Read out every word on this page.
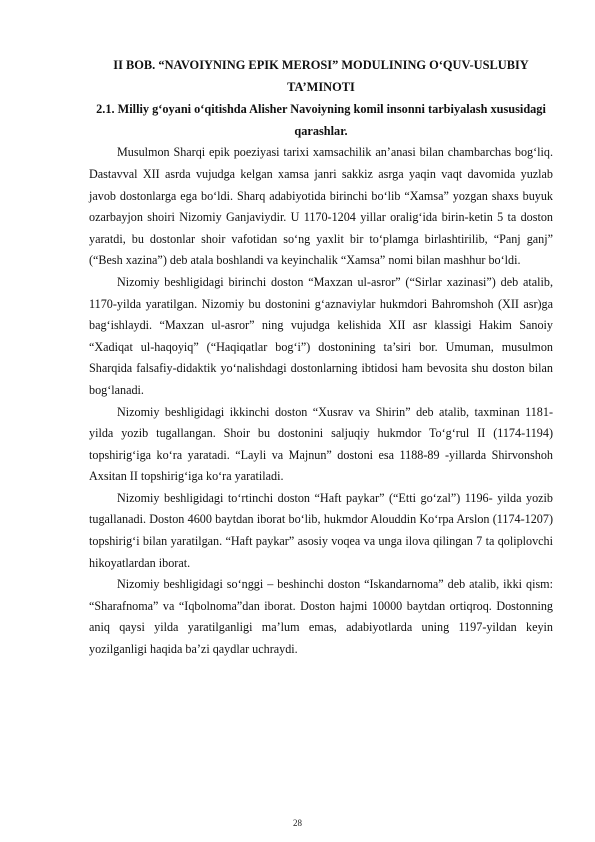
II BOB. “NAVOIYNING EPIK MEROSI” MODULINING O‘QUV-USLUBIY TA’MINOTI

2.1. Milliy g‘oyani o‘qitishda Alisher Navoiyning komil insonni tarbiyalash xususidagi qarashlar.

Musulmon Sharqi epik poeziyasi tarixi xamsachilik an’anasi bilan chambarchas bog‘liq. Dastavval XII asrda vujudga kelgan xamsa janri sakkiz asrga yaqin vaqt davomida yuzlab javob dostonlarga ega bo‘ldi. Sharq adabiyotida birinchi bo‘lib “Xamsa” yozgan shaxs buyuk ozarbayjon shoiri Nizomiy Ganjaviydir. U 1170-1204 yillar oralig‘ida birin-ketin 5 ta doston yaratdi, bu dostonlar shoir vafotidan so‘ng yaxlit bir to‘plamga birlashtirilib, “Panj ganj” (“Besh xazina”) deb atala boshlandi va keyinchalik “Xamsa” nomi bilan mashhur bo‘ldi.

Nizomiy beshligidagi birinchi doston “Maxzan ul-asror” (“Sirlar xazinasi”) deb atalib, 1170-yilda yaratilgan. Nizomiy bu dostonini g‘aznaviylar hukmdori Bahromshoh (XII asr)ga bag‘ishlaydi. “Maxzan ul-asror” ning vujudga kelishida XII asr klassigi Hakim Sanoiy “Xadiqat ul-haqoyiq” (“Haqiqatlar bog‘i”) dostonining ta’siri bor. Umuman, musulmon Sharqida falsafiy-didaktik yo‘nalishdagi dostonlarning ibtidosi ham bevosita shu doston bilan bog‘lanadi.

Nizomiy beshligidagi ikkinchi doston “Xusrav va Shirin” deb atalib, taxminan 1181-yilda yozib tugallangan. Shoir bu dostonini saljuqiy hukmdor To‘g‘rul II (1174-1194) topshirig‘iga ko‘ra yaratadi. “Layli va Majnun” dostoni esa 1188-89 -yillarda Shirvonshoh Axsitan II topshirig‘iga ko‘ra yaratiladi.

Nizomiy beshligidagi to‘rtinchi doston “Haft paykar” (“Etti go‘zal”) 1196- yilda yozib tugallanadi. Doston 4600 baytdan iborat bo‘lib, hukmdor Alouddin Ko‘rpa Arslon (1174-1207) topshirig‘i bilan yaratilgan. “Haft paykar” asosiy voqea va unga ilova qilingan 7 ta qoliplovchi hikoyatlardan iborat.

Nizomiy beshligidagi so‘nggi – beshinchi doston “Iskandarnoma” deb atalib, ikki qism: “Sharafnoma” va “Iqbolnoma”dan iborat. Doston hajmi 10000 baytdan ortiqroq. Dostonning aniq qaysi yilda yaratilganligi ma’lum emas, adabiyotlarda uning 1197-yildan keyin yozilganligi haqida ba’zi qaydlar uchraydi.

28
